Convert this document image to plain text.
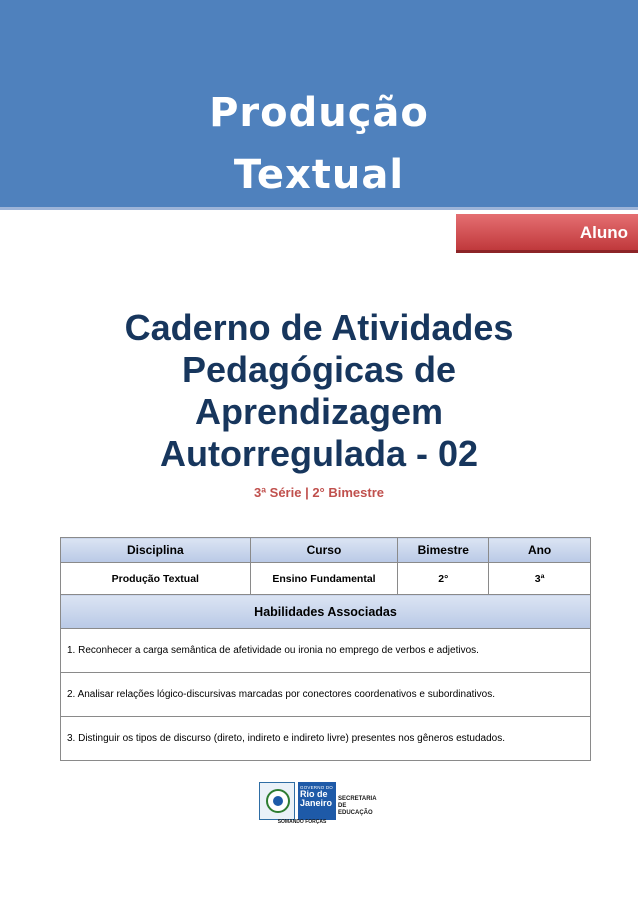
Produção
Textual
Aluno
Caderno de Atividades
Pedagógicas de
Aprendizagem
Autorregulada - 02
3ª Série | 2° Bimestre
Disciplina	Curso	Bimestre	Ano
Produção Textual	Ensino Fundamental	2°	3ª
Habilidades Associadas			
1. Reconhecer a carga semântica de afetividade ou ironia no emprego de verbos e adjetivos.			
2. Analisar relações lógico-discursivas marcadas por conectores coordenativos e subordinativos.			
3. Distinguir os tipos de discurso (direto, indireto e indireto livre) presentes nos gêneros estudados.			
GOVERNO DO
Rio de
Janeiro SECRETARIA
DE EDUCAÇÃO
SOMANDO FORÇAS
